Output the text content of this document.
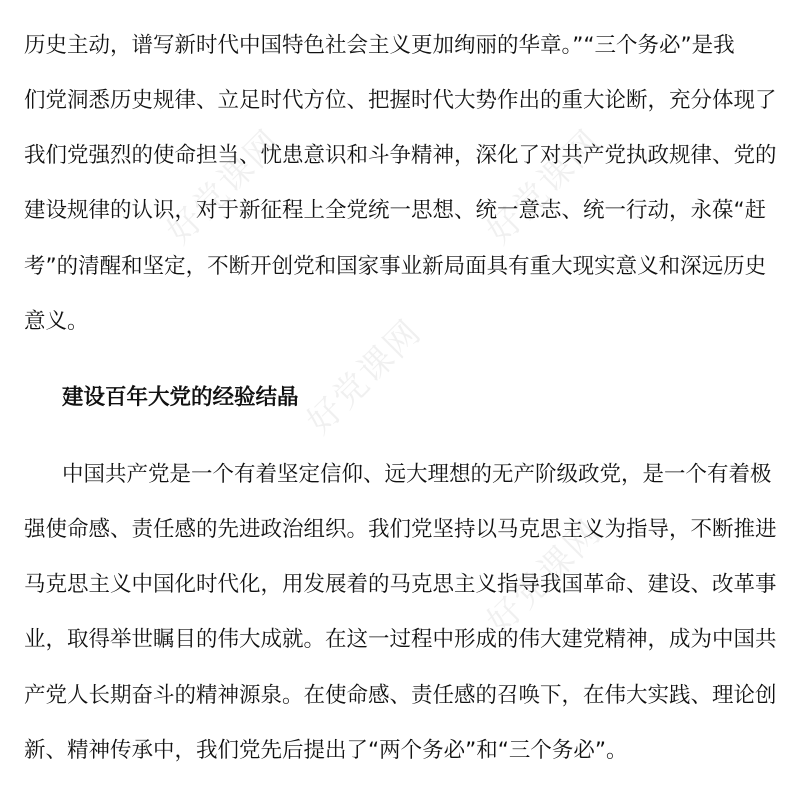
好党课网	好党课网
好党课网
好党课网
历史主动，谱写新时代中国特色社会主义更加绚丽的华章。”“三个务必”是我
们党洞悉历史规律、立足时代方位、把握时代大势作出的重大论断，充分体现了
我们党强烈的使命担当、忧患意识和斗争精神，深化了对共产党执政规律、党的
建设规律的认识，对于新征程上全党统一思想、统一意志、统一行动，永葆“赶
考”的清醒和坚定，不断开创党和国家事业新局面具有重大现实意义和深远历史
意义。
建设百年大党的经验结晶
中国共产党是一个有着坚定信仰、远大理想的无产阶级政党，是一个有着极
强使命感、责任感的先进政治组织。我们党坚持以马克思主义为指导，不断推进
马克思主义中国化时代化，用发展着的马克思主义指导我国革命、建设、改革事
业，取得举世瞩目的伟大成就。在这一过程中形成的伟大建党精神，成为中国共
产党人长期奋斗的精神源泉。在使命感、责任感的召唤下，在伟大实践、理论创
新、精神传承中，我们党先后提出了“两个务必”和“三个务必”。
